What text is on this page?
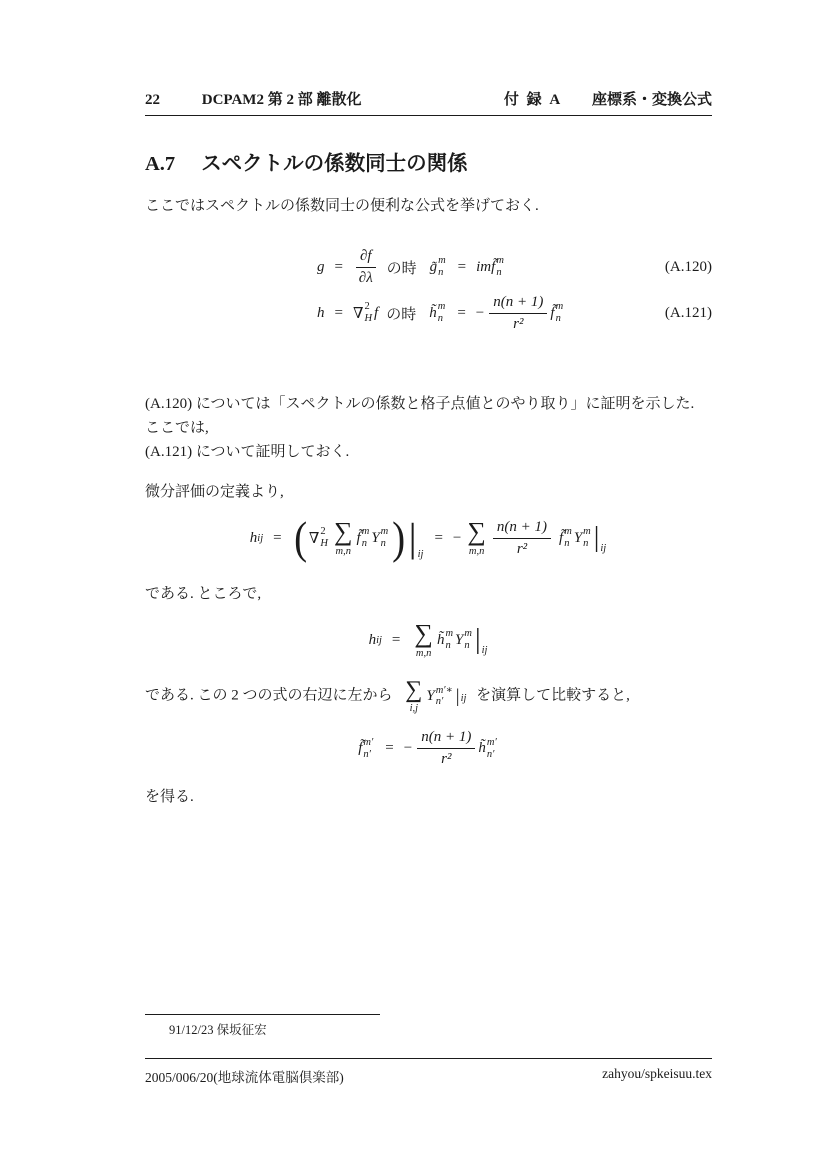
22	DCPAM2 第 2 部 離散化	付 録 A 座標系・変換公式
A.7 スペクトルの係数同士の関係

ここではスペクトルの係数同士の便利な公式を挙げておく.

$g = \frac{\partial f}{\partial\lambda}$ の時 g̃ m
n = im f̃ m
n	(A.120)
h = ∇ 2
H f の時 h̃ m
n = − $\frac{n(n + 1)}{\text{r²}}$ f̃ m
n	(A.121)

(A.120) については「スペクトルの係数と格子点値とのやり取り」に証明を示した. ここでは,
(A.121) について証明しておく.

微分評価の定義より,

h ij = ( ∇ 2
H ∑
m,n
f̃ m
n Y m
n ) | ij
= − ∑
$m,n \frac{n(n + 1)}{\text{r²}}$ f̃ m
n Y m
n | ij

である. ところで,

h ij = ∑
m,n
h̃ m
n Y m
n | ij

である. この 2 つの式の右辺に左から ∑
i,j
Y m′∗
n′ | ij を演算して比較すると,

f̃ m′
n′ = − $\frac{n(n + 1)}{\text{r²}}$ h̃ m′
n′

を得る.

91/12/23 保坂征宏
2005/006/20(地球流体電脳倶楽部)	zahyou/spkeisuu.tex
